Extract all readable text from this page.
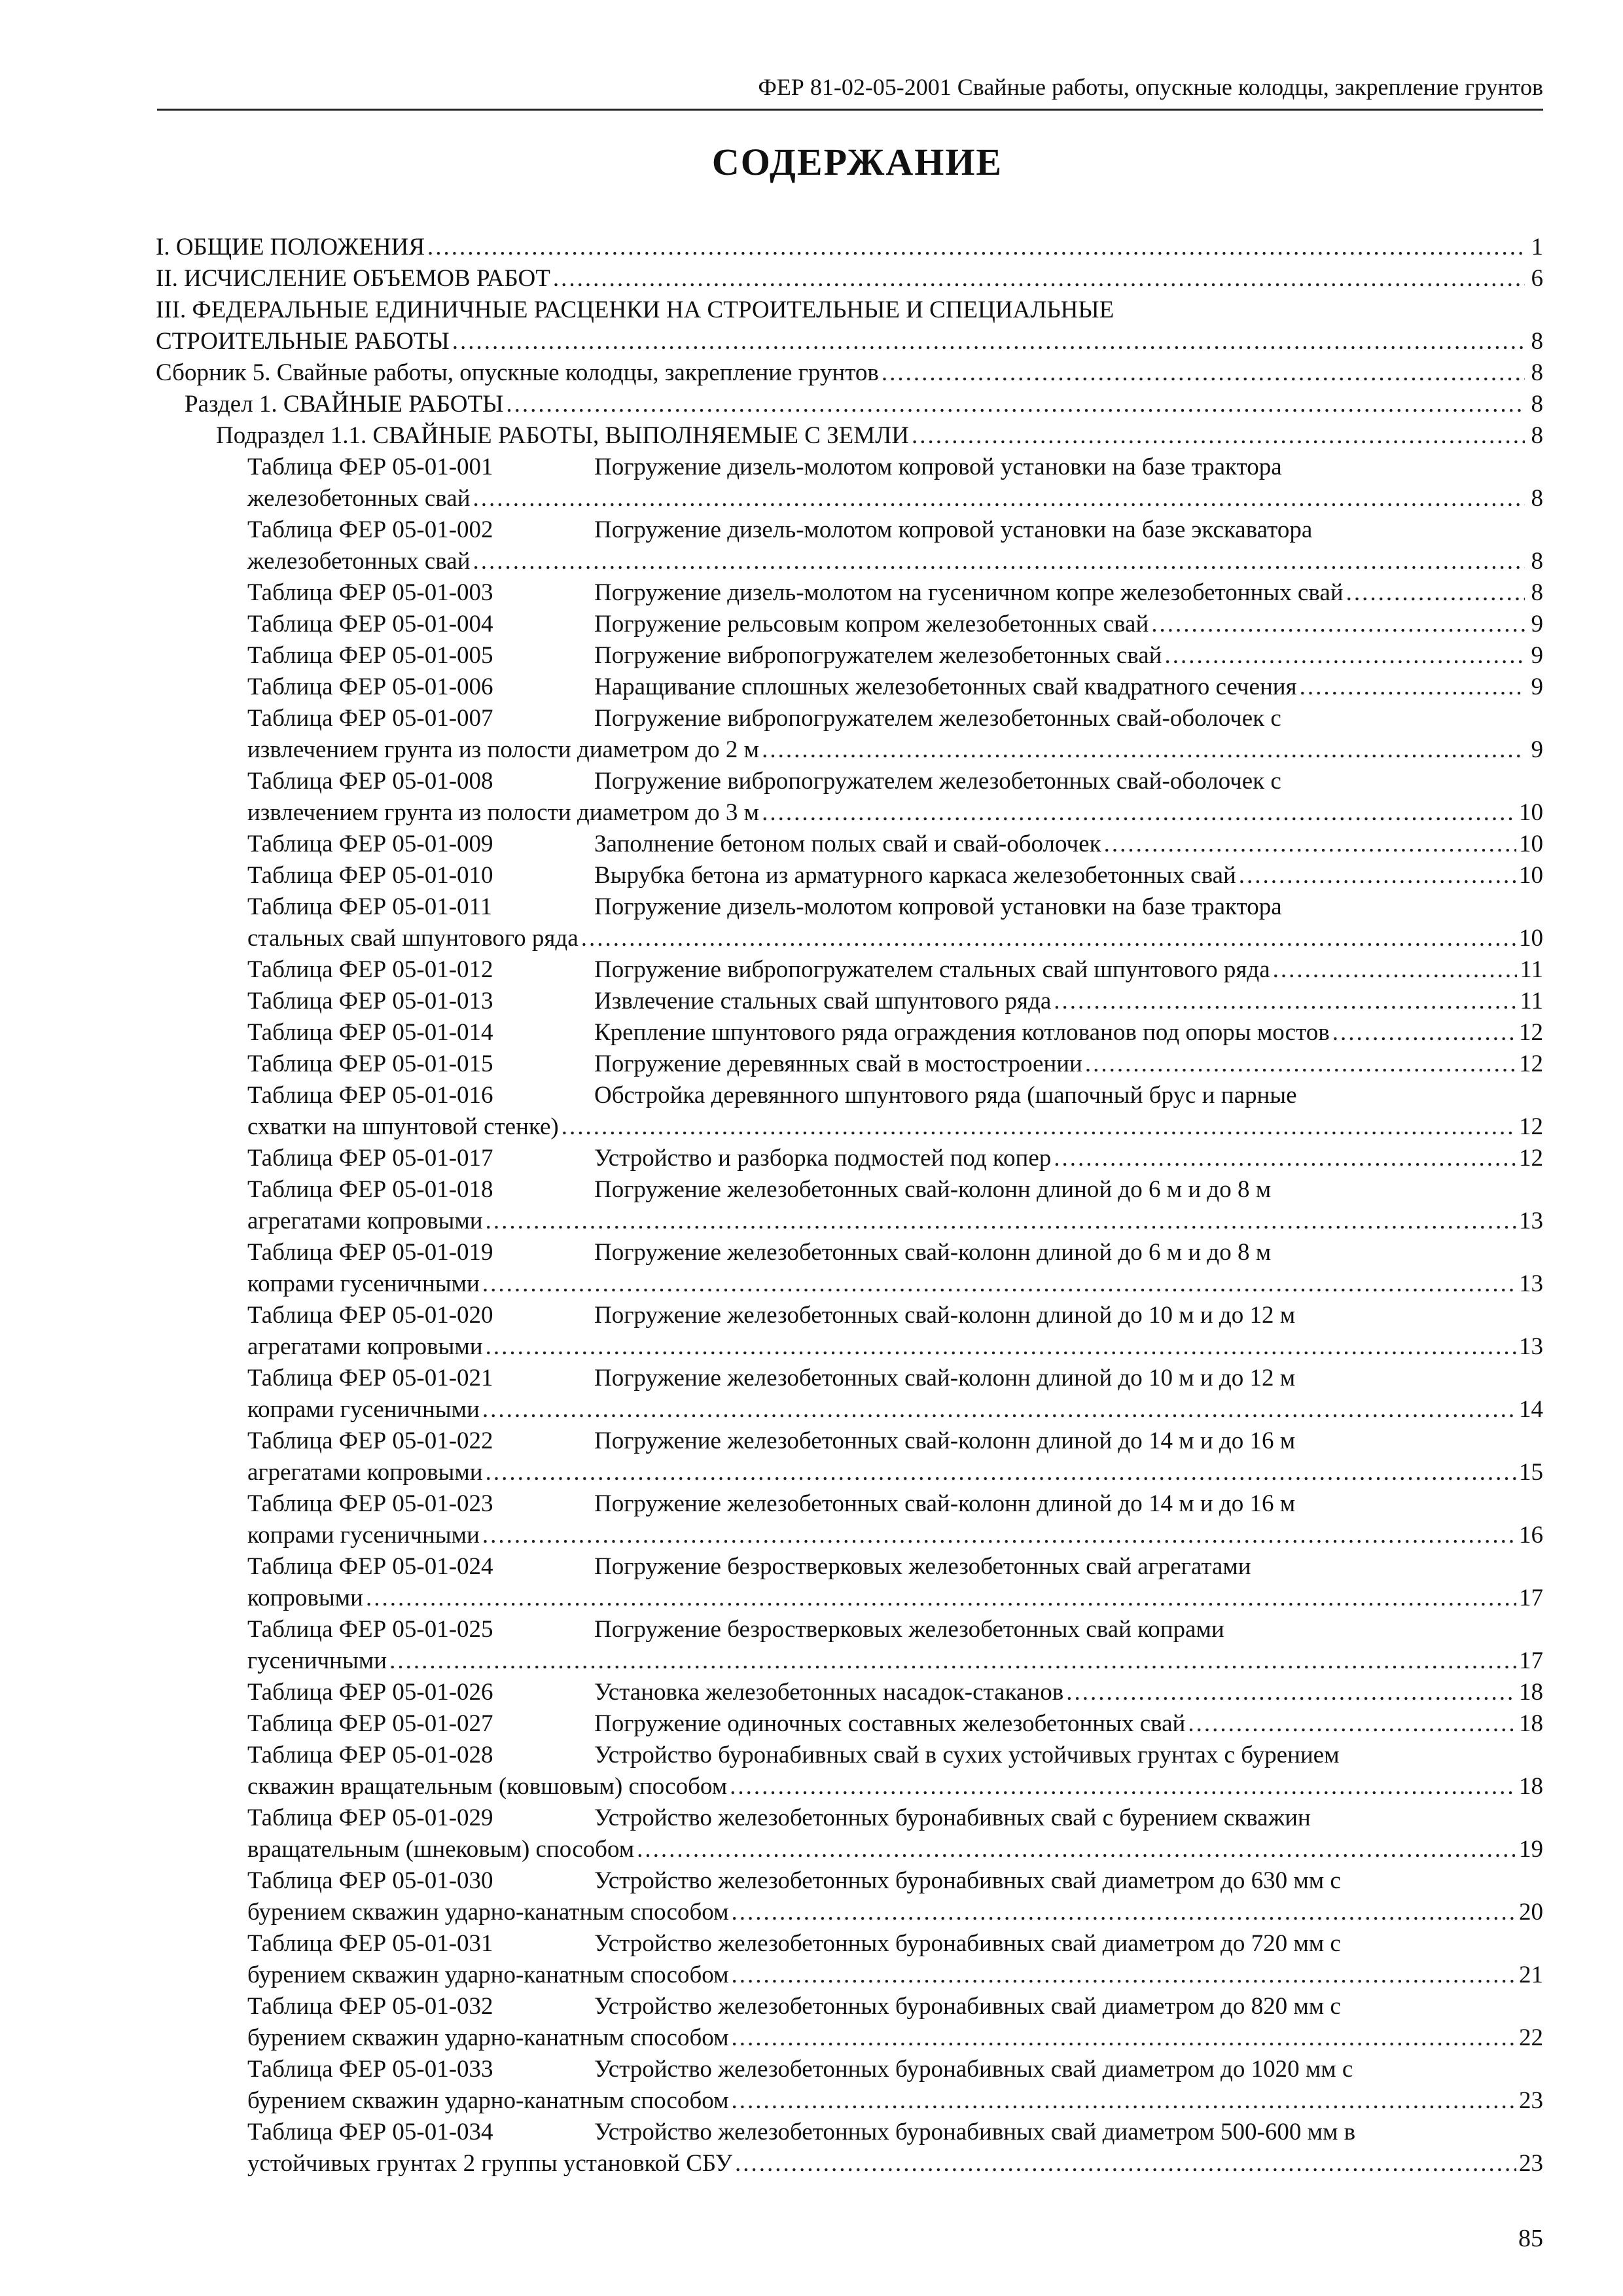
ФЕР 81-02-05-2001 Свайные работы, опускные колодцы, закрепление грунтов
СОДЕРЖАНИЕ
I. ОБЩИЕ ПОЛОЖЕНИЯ .....	1
II. ИСЧИСЛЕНИЕ ОБЪЕМОВ РАБОТ .....	6
III. ФЕДЕРАЛЬНЫЕ ЕДИНИЧНЫЕ РАСЦЕНКИ НА СТРОИТЕЛЬНЫЕ И СПЕЦИАЛЬНЫЕ
СТРОИТЕЛЬНЫЕ РАБОТЫ .....	8
Сборник 5. Свайные работы, опускные колодцы, закрепление грунтов .....	8
Раздел 1. СВАЙНЫЕ РАБОТЫ .....	8
Подраздел 1.1. СВАЙНЫЕ РАБОТЫ, ВЫПОЛНЯЕМЫЕ С ЗЕМЛИ .....	8
Таблица ФЕР 05-01-001	Погружение дизель-молотом копровой установки на базе трактора
железобетонных свай .....	8
Таблица ФЕР 05-01-002	Погружение дизель-молотом копровой установки на базе экскаватора
железобетонных свай .....	8
Таблица ФЕР 05-01-003	Погружение дизель-молотом на гусеничном копре железобетонных свай .....	8
Таблица ФЕР 05-01-004	Погружение рельсовым копром железобетонных свай .....	9
Таблица ФЕР 05-01-005	Погружение вибропогружателем железобетонных свай .....	9
Таблица ФЕР 05-01-006	Наращивание сплошных железобетонных свай квадратного сечения .....	9
Таблица ФЕР 05-01-007	Погружение вибропогружателем железобетонных свай-оболочек с
извлечением грунта из полости диаметром до 2 м .....	9
Таблица ФЕР 05-01-008	Погружение вибропогружателем железобетонных свай-оболочек с
извлечением грунта из полости диаметром до 3 м .....	10
Таблица ФЕР 05-01-009	Заполнение бетоном полых свай и свай-оболочек .....	10
Таблица ФЕР 05-01-010	Вырубка бетона из арматурного каркаса железобетонных свай .....	10
Таблица ФЕР 05-01-011	Погружение дизель-молотом копровой установки на базе трактора
стальных свай шпунтового ряда .....	10
Таблица ФЕР 05-01-012	Погружение вибропогружателем стальных свай шпунтового ряда .....	11
Таблица ФЕР 05-01-013	Извлечение стальных свай шпунтового ряда .....	11
Таблица ФЕР 05-01-014	Крепление шпунтового ряда ограждения котлованов под опоры мостов .....	12
Таблица ФЕР 05-01-015	Погружение деревянных свай в мостостроении .....	12
Таблица ФЕР 05-01-016	Обстройка деревянного шпунтового ряда (шапочный брус и парные
схватки на шпунтовой стенке) .....	12
Таблица ФЕР 05-01-017	Устройство и разборка подмостей под копер .....	12
Таблица ФЕР 05-01-018	Погружение железобетонных свай-колонн длиной до 6 м и до 8 м
агрегатами копровыми .....	13
Таблица ФЕР 05-01-019	Погружение железобетонных свай-колонн длиной до 6 м и до 8 м
копрами гусеничными .....	13
Таблица ФЕР 05-01-020	Погружение железобетонных свай-колонн длиной до 10 м и до 12 м
агрегатами копровыми .....	13
Таблица ФЕР 05-01-021	Погружение железобетонных свай-колонн длиной до 10 м и до 12 м
копрами гусеничными .....	14
Таблица ФЕР 05-01-022	Погружение железобетонных свай-колонн длиной до 14 м и до 16 м
агрегатами копровыми .....	15
Таблица ФЕР 05-01-023	Погружение железобетонных свай-колонн длиной до 14 м и до 16 м
копрами гусеничными .....	16
Таблица ФЕР 05-01-024	Погружение безростверковых железобетонных свай агрегатами
копровыми .....	17
Таблица ФЕР 05-01-025	Погружение безростверковых железобетонных свай копрами
гусеничными .....	17
Таблица ФЕР 05-01-026	Установка железобетонных насадок-стаканов .....	18
Таблица ФЕР 05-01-027	Погружение одиночных составных железобетонных свай .....	18
Таблица ФЕР 05-01-028	Устройство буронабивных свай в сухих устойчивых грунтах с бурением
скважин вращательным (ковшовым) способом .....	18
Таблица ФЕР 05-01-029	Устройство железобетонных буронабивных свай с бурением скважин
вращательным (шнековым) способом .....	19
Таблица ФЕР 05-01-030	Устройство железобетонных буронабивных свай диаметром до 630 мм с
бурением скважин ударно-канатным способом .....	20
Таблица ФЕР 05-01-031	Устройство железобетонных буронабивных свай диаметром до 720 мм с
бурением скважин ударно-канатным способом .....	21
Таблица ФЕР 05-01-032	Устройство железобетонных буронабивных свай диаметром до 820 мм с
бурением скважин ударно-канатным способом .....	22
Таблица ФЕР 05-01-033	Устройство железобетонных буронабивных свай диаметром до 1020 мм с
бурением скважин ударно-канатным способом .....	23
Таблица ФЕР 05-01-034	Устройство железобетонных буронабивных свай диаметром 500-600 мм в
устойчивых грунтах 2 группы установкой СБУ .....	23
85
